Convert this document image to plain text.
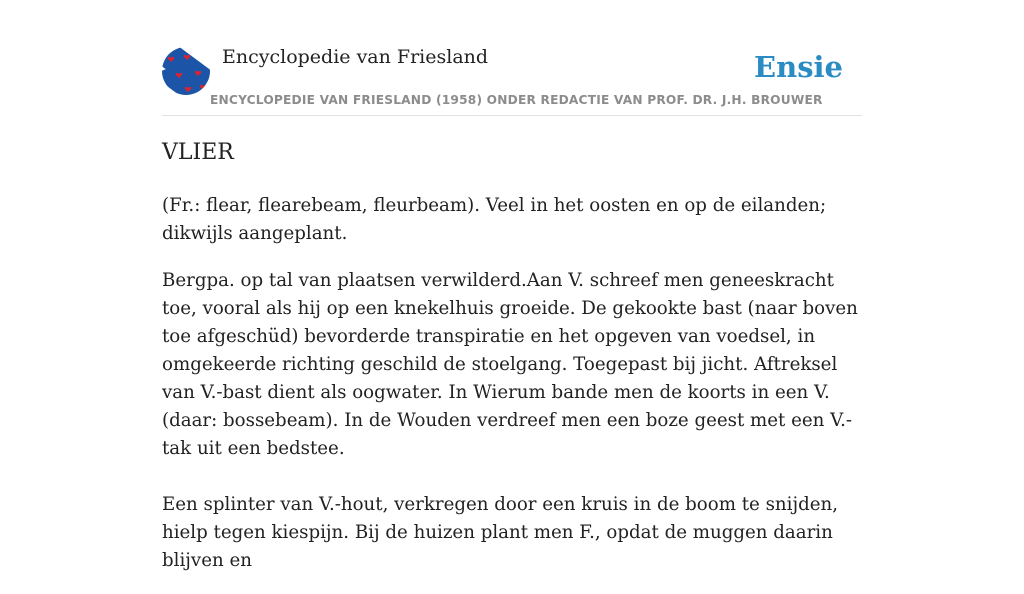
Encyclopedie van Friesland
ENCYCLOPEDIE VAN FRIESLAND (1958) ONDER REDACTIE VAN PROF. DR. J.H. BROUWER
Ensie
VLIER

(Fr.: flear, flearebeam, fleurbeam). Veel in het oosten en op de eilanden; dikwijls aangeplant.

Bergpa. op tal van plaatsen verwilderd.Aan V. schreef men geneeskracht toe, vooral als hij op een knekelhuis groeide. De gekookte bast (naar boven toe afgeschüd) bevorderde transpiratie en het opgeven van voedsel, in omgekeerde richting geschild de stoelgang. Toegepast bij jicht. Aftreksel van V.-bast dient als oogwater. In Wierum bande men de koorts in een V. (daar: bossebeam). In de Wouden verdreef men een boze geest met een V.-tak uit een bedstee.

Een splinter van V.-hout, verkregen door een kruis in de boom te snijden, hielp tegen kiespijn. Bij de huizen plant men F., opdat de muggen daarin blijven en
